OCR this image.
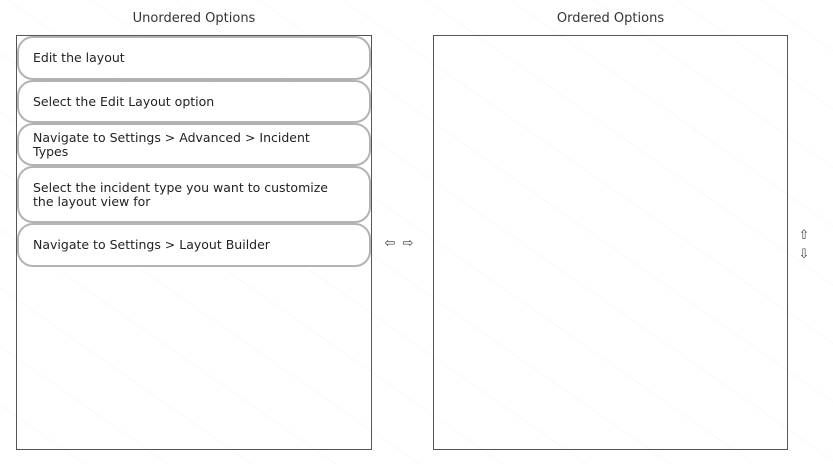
Unordered Options	Ordered Options
Edit the layout
Select the Edit Layout option
Navigate to Settings > Advanced > Incident Types
Select the incident type you want to customize the layout view for
Navigate to Settings > Layout Builder	⇦ ⇨
⇧
⇩
